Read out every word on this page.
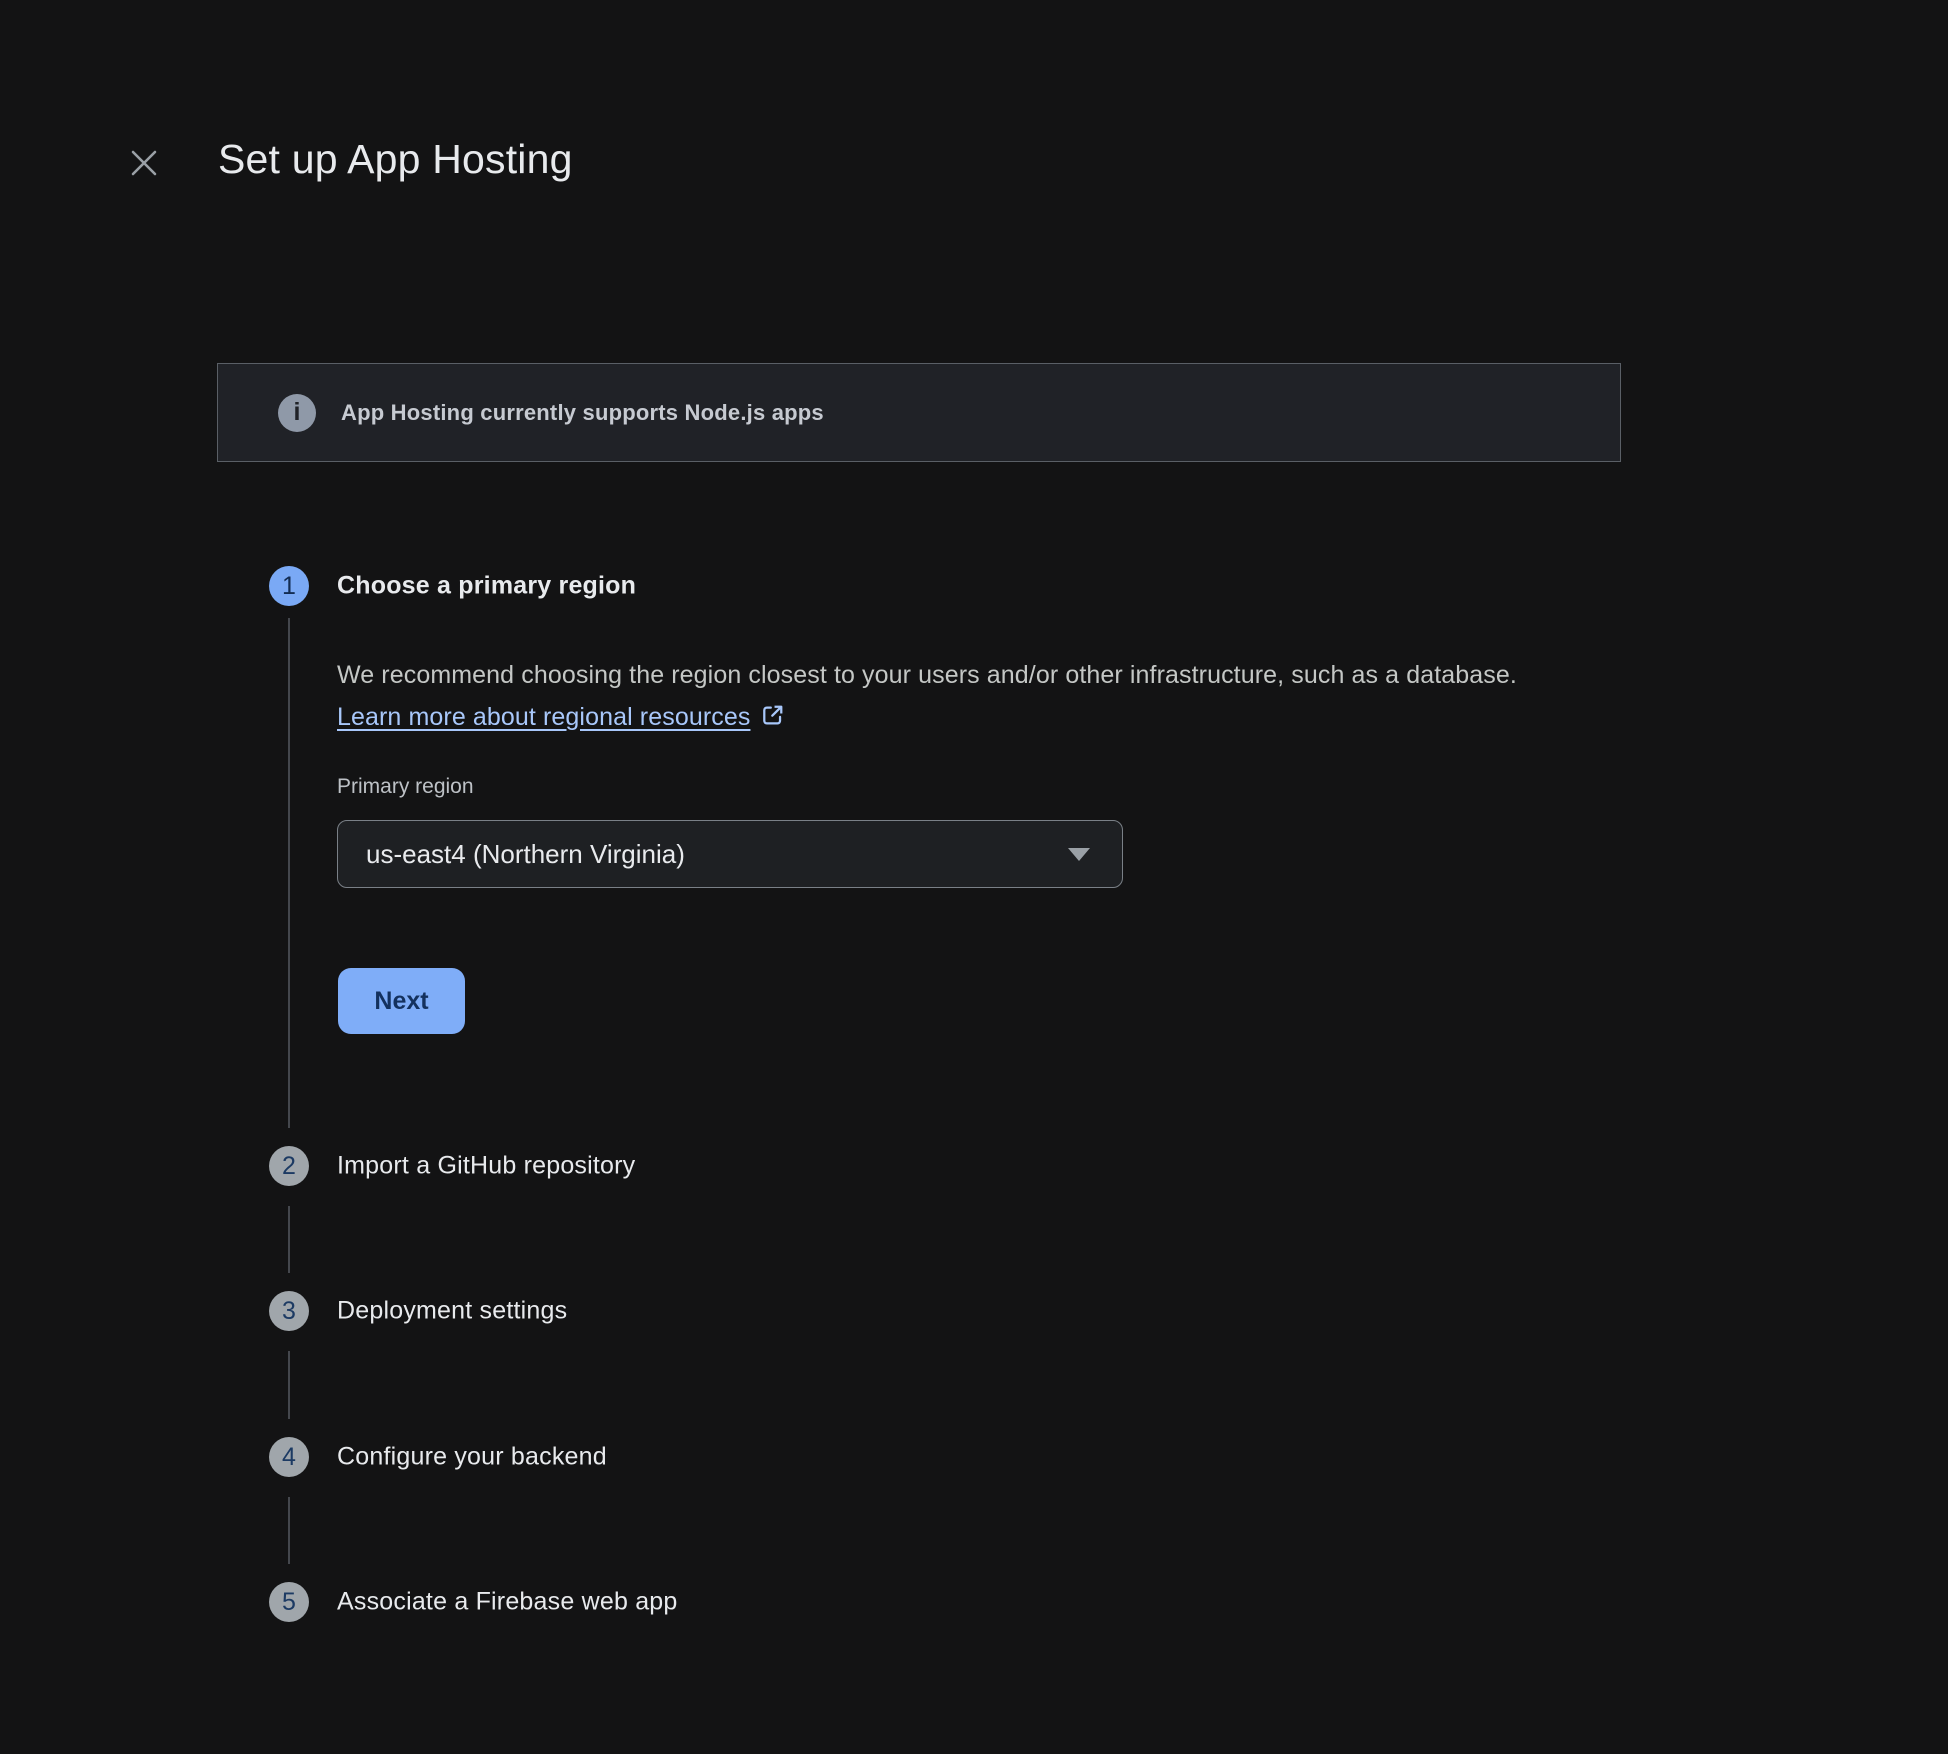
Set up App Hosting
i App Hosting currently supports Node.js apps
1 Choose a primary region

We recommend choosing the region closest to your users and/or other infrastructure, such as a database. Learn more about regional resources

Primary region
us-east4 (Northern Virginia)
Next
2 Import a GitHub repository
3 Deployment settings
4 Configure your backend
5 Associate a Firebase web app
